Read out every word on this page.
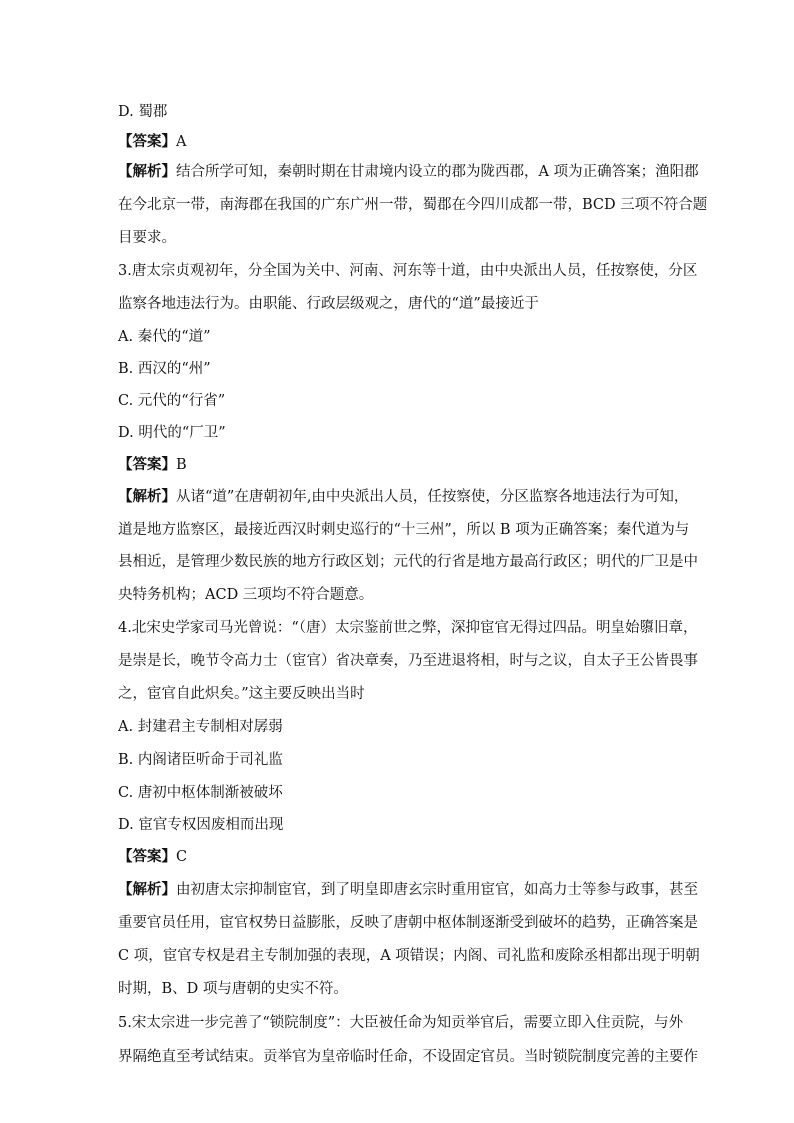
D. 蜀郡
【答案】A
【解析】结合所学可知，秦朝时期在甘肃境内设立的郡为陇西郡，A 项为正确答案；渔阳郡
在今北京一带，南海郡在我国的广东广州一带，蜀郡在今四川成都一带，BCD 三项不符合题
目要求。
3.唐太宗贞观初年，分全国为关中、河南、河东等十道，由中央派出人员，任按察使，分区
监察各地违法行为。由职能、行政层级观之，唐代的“道”最接近于
A. 秦代的“道”
B. 西汉的“州”
C. 元代的“行省”
D. 明代的“厂卫”
【答案】B
【解析】从诸“道”在唐朝初年,由中央派出人员，任按察使，分区监察各地违法行为可知，
道是地方监察区，最接近西汉时刺史巡行的“十三州”，所以 B 项为正确答案；秦代道为与
县相近，是管理少数民族的地方行政区划；元代的行省是地方最高行政区；明代的厂卫是中
央特务机构；ACD 三项均不符合题意。
4.北宋史学家司马光曾说：“（唐）太宗鉴前世之弊，深抑宦官无得过四品。明皇始隳旧章，
是崇是长，晚节令高力士（宦官）省决章奏，乃至进退将相，时与之议，自太子王公皆畏事
之，宦官自此炽矣。”这主要反映出当时
A. 封建君主专制相对孱弱
B. 内阁诸臣听命于司礼监
C. 唐初中枢体制渐被破坏
D. 宦官专权因废相而出现
【答案】C
【解析】由初唐太宗抑制宦官，到了明皇即唐玄宗时重用宦官，如高力士等参与政事，甚至
重要官员任用，宦官权势日益膨胀，反映了唐朝中枢体制逐渐受到破坏的趋势，正确答案是
C 项，宦官专权是君主专制加强的表现，A 项错误；内阁、司礼监和废除丞相都出现于明朝
时期，B、D 项与唐朝的史实不符。
5.宋太宗进一步完善了“锁院制度”：大臣被任命为知贡举官后，需要立即入住贡院，与外
界隔绝直至考试结束。贡举官为皇帝临时任命，不设固定官员。当时锁院制度完善的主要作
